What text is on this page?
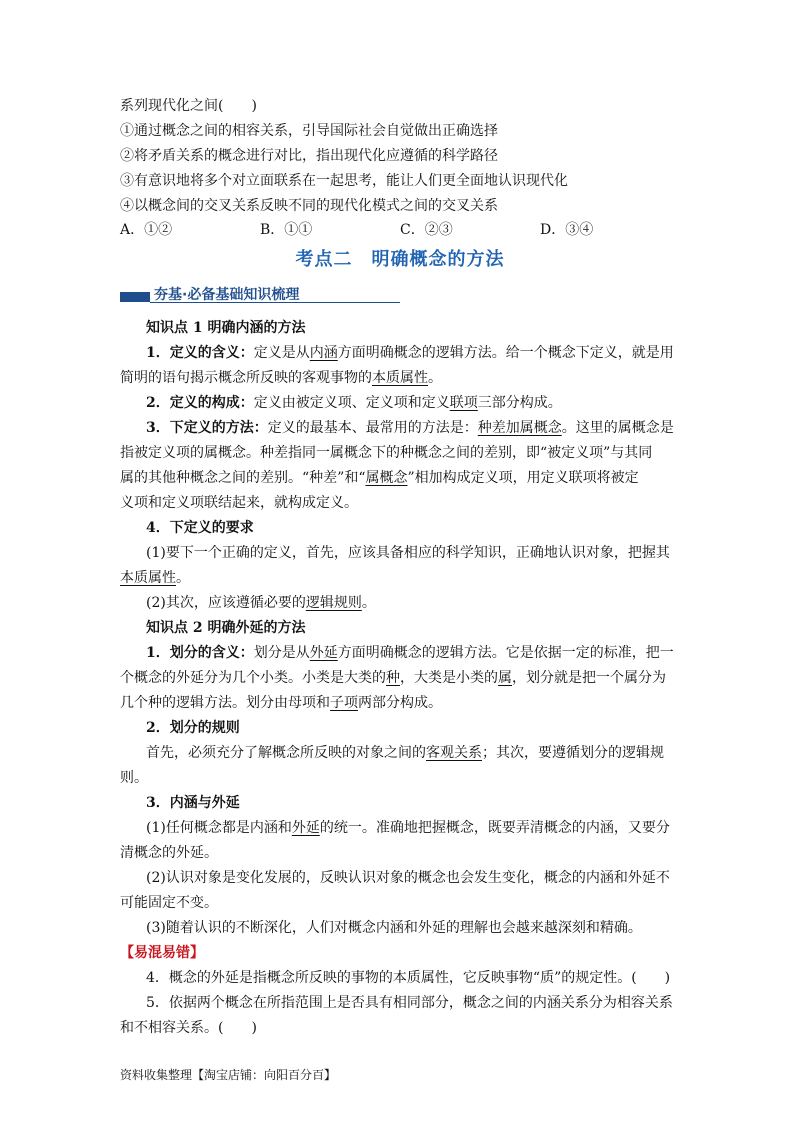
系列现代化之间(　　)
①通过概念之间的相容关系，引导国际社会自觉做出正确选择
②将矛盾关系的概念进行对比，指出现代化应遵循的科学路径
③有意识地将多个对立面联系在一起思考，能让人们更全面地认识现代化
④以概念间的交叉关系反映不同的现代化模式之间的交叉关系
A．①②	B．①①	C．②③	D．③④
考点二　明确概念的方法
夯基·必备基础知识梳理
知识点 1 明确内涵的方法
1．定义的含义：定义是从内涵方面明确概念的逻辑方法。给一个概念下定义，就是用
简明的语句揭示概念所反映的客观事物的本质属性。
2．定义的构成：定义由被定义项、定义项和定义联项三部分构成。
3．下定义的方法：定义的最基本、最常用的方法是：种差加属概念。这里的属概念是
指被定义项的属概念。种差指同一属概念下的种概念之间的差别，即“被定义项”与其同
属的其他种概念之间的差别。“种差”和“属概念”相加构成定义项，用定义联项将被定
义项和定义项联结起来，就构成定义。
4．下定义的要求
(1)要下一个正确的定义，首先，应该具备相应的科学知识，正确地认识对象，把握其
本质属性。
(2)其次，应该遵循必要的逻辑规则。
知识点 2 明确外延的方法
1．划分的含义：划分是从外延方面明确概念的逻辑方法。它是依据一定的标准，把一
个概念的外延分为几个小类。小类是大类的种，大类是小类的属，划分就是把一个属分为
几个种的逻辑方法。划分由母项和子项两部分构成。
2．划分的规则
首先，必须充分了解概念所反映的对象之间的客观关系；其次，要遵循划分的逻辑规
则。
3．内涵与外延
(1)任何概念都是内涵和外延的统一。准确地把握概念，既要弄清概念的内涵，又要分
清概念的外延。
(2)认识对象是变化发展的，反映认识对象的概念也会发生变化，概念的内涵和外延不
可能固定不变。
(3)随着认识的不断深化，人们对概念内涵和外延的理解也会越来越深刻和精确。
【易混易错】
4．概念的外延是指概念所反映的事物的本质属性，它反映事物“质”的规定性。(　　)
5．依据两个概念在所指范围上是否具有相同部分，概念之间的内涵关系分为相容关系
和不相容关系。(　　)
资料收集整理【淘宝店铺：向阳百分百】
